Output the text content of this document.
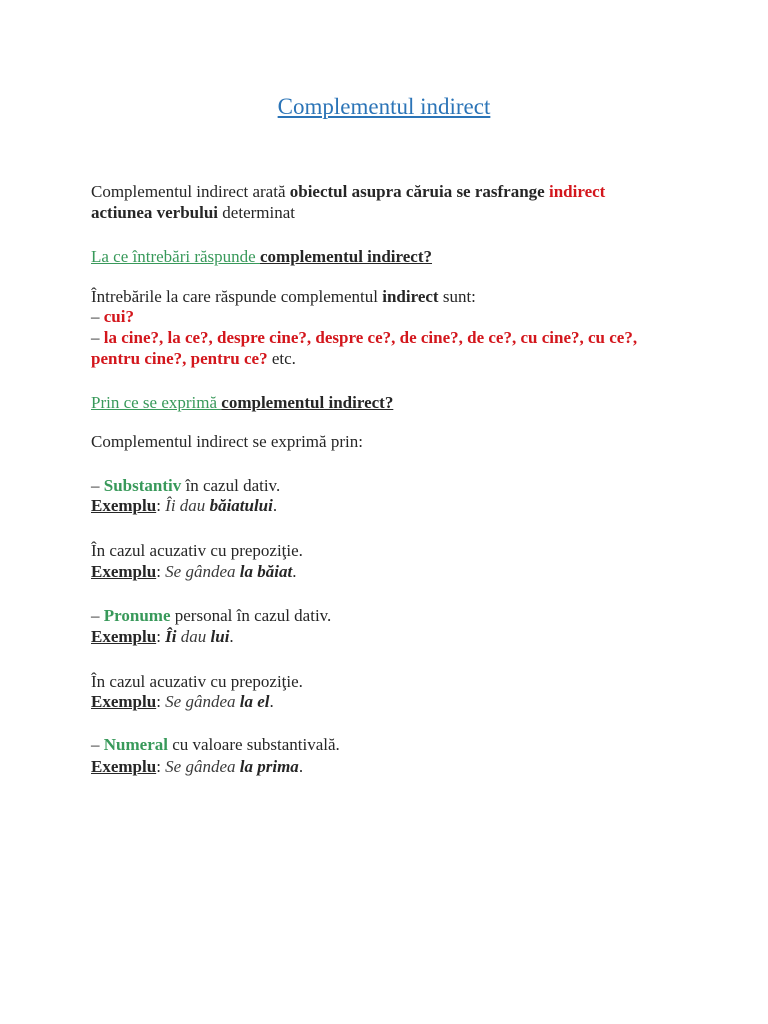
Complementul indirect
Complementul indirect arată obiectul asupra căruia se rasfrange indirect
actiunea verbului determinat
La ce întrebări răspunde complementul indirect?
Întrebările la care răspunde complementul indirect sunt:
– cui?
– la cine?, la ce?, despre cine?, despre ce?, de cine?, de ce?, cu cine?, cu ce?,
pentru cine?, pentru ce? etc.
Prin ce se exprimă complementul indirect?
Complementul indirect se exprimă prin:
– Substantiv în cazul dativ.
Exemplu: Îi dau băiatului.
În cazul acuzativ cu prepoziţie.
Exemplu: Se gândea la băiat.
– Pronume personal în cazul dativ.
Exemplu: Îi dau lui.
În cazul acuzativ cu prepoziţie.
Exemplu: Se gândea la el.
– Numeral cu valoare substantivală.
Exemplu: Se gândea la prima.
